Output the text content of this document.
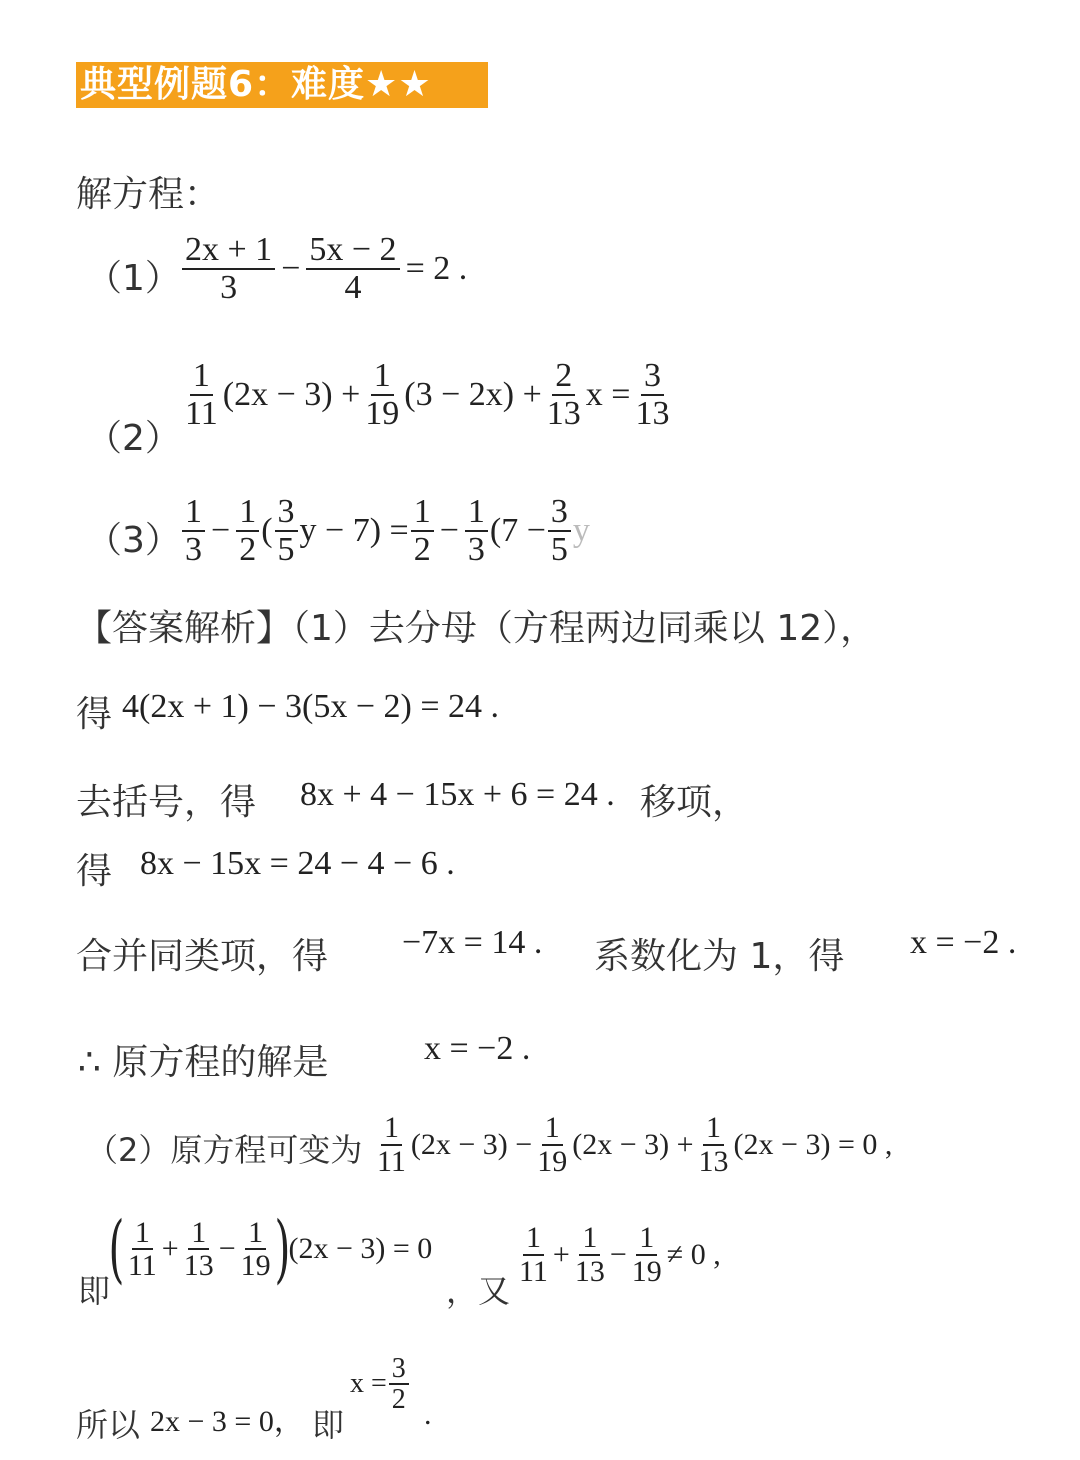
典型例题6：难度★★
解方程：
$(1) \frac{2x + 1}{3} - \frac{5x - 2}{4} = 2$ .
（2）
$\frac{1}{11} (2x - 3) + \frac{1}{19} (3 - 2x) + \frac{2}{13}$ $x = \frac{3}{13}$
$(3) \frac{1}{3} - \frac{1}{2}$ ( $\frac{3}{5}$ $y - 7) = \frac{1}{2} - \frac{1}{3} (7 - \frac{3}{5}$ y
【答案解析】（1）去分母（方程两边同乘以 12），
得 4(2x + 1) − 3(5x − 2) = 24 .
去括号，得 8x + 4 − 15x + 6 = 24 . 移项，
得 8x − 15x = 24 − 4 − 6 .
合并同类项，得 −7x = 14 . 系数化为 1，得 x = −2 .
∴ 原方程的解是	x = −2 .
（2）原方程可变为 $\frac{1}{11} (2x - 3) - \frac{1}{19} (2x - 3) + \frac{1}{13} (2x - 3) = 0$ ,
即
( $\frac{1}{11} + \frac{1}{13} - \frac{1}{19}$ )
(2x − 3) = 0
，又
$\frac{1}{11} + \frac{1}{13} - \frac{1}{19} \ne 0$ ,
所以 2x − 3 = 0， 即
$x = \frac{3}{2}$ .
